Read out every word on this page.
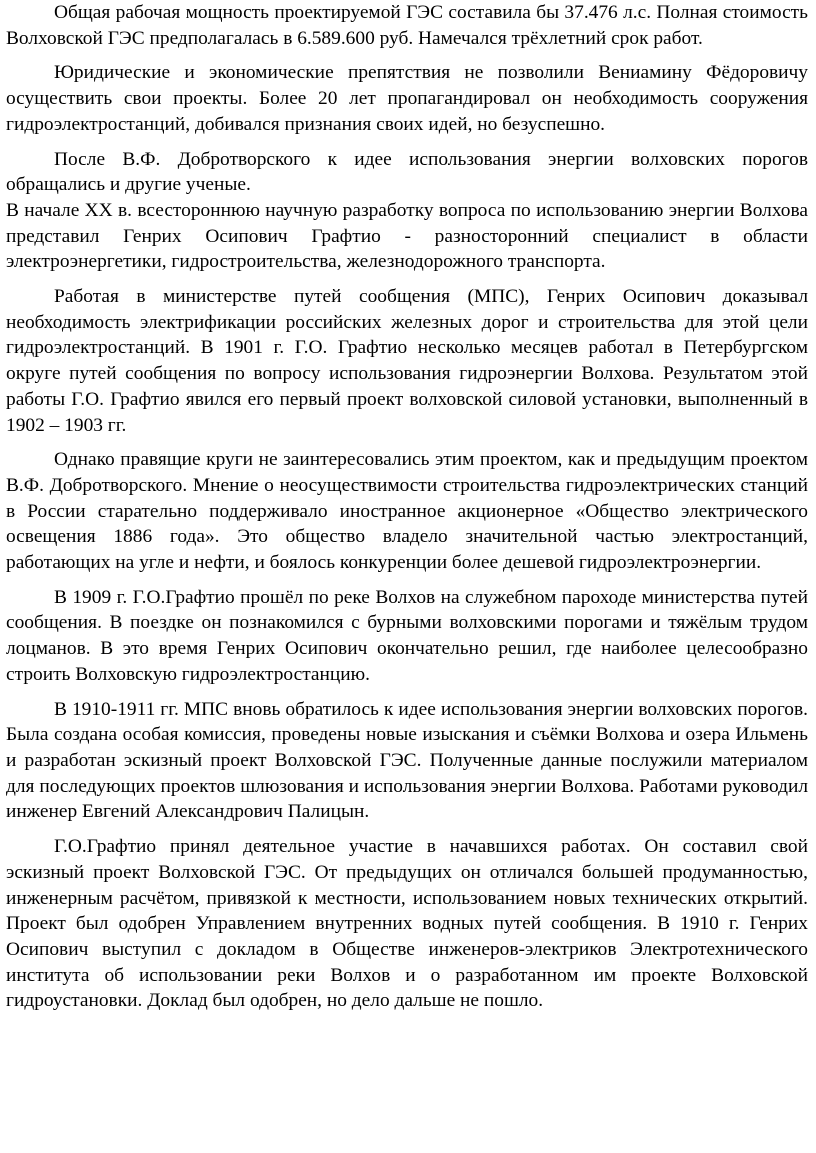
Общая рабочая мощность проектируемой ГЭС составила бы 37.476 л.с. Полная стоимость Волховской ГЭС предполагалась в 6.589.600 руб. Намечался трёхлетний срок работ.

Юридические и экономические препятствия не позволили Вениамину Фёдоровичу осуществить свои проекты. Более 20 лет пропагандировал он необходимость сооружения гидроэлектростанций, добивался признания своих идей, но безуспешно.

После В.Ф. Добротворского к идее использования энергии волховских порогов обращались и другие ученые.

В начале XX в. всестороннюю научную разработку вопроса по использованию энергии Волхова представил Генрих Осипович Графтио - разносторонний специалист в области электроэнергетики, гидростроительства, железнодорожного транспорта.

Работая в министерстве путей сообщения (МПС), Генрих Осипович доказывал необходимость электрификации российских железных дорог и строительства для этой цели гидроэлектростанций. В 1901 г. Г.О. Графтио несколько месяцев работал в Петербургском округе путей сообщения по вопросу использования гидроэнергии Волхова. Результатом этой работы Г.О. Графтио явился его первый проект волховской силовой установки, выполненный в 1902 – 1903 гг.

Однако правящие круги не заинтересовались этим проектом, как и предыдущим проектом В.Ф. Добротворского. Мнение о неосуществимости строительства гидроэлектрических станций в России старательно поддерживало иностранное акционерное «Общество электрического освещения 1886 года». Это общество владело значительной частью электростанций, работающих на угле и нефти, и боялось конкуренции более дешевой гидроэлектроэнергии.

В 1909 г. Г.О.Графтио прошёл по реке Волхов на служебном пароходе министерства путей сообщения. В поездке он познакомился с бурными волховскими порогами и тяжёлым трудом лоцманов. В это время Генрих Осипович окончательно решил, где наиболее целесообразно строить Волховскую гидроэлектростанцию.

В 1910-1911 гг. МПС вновь обратилось к идее использования энергии волховских порогов. Была создана особая комиссия, проведены новые изыскания и съёмки Волхова и озера Ильмень и разработан эскизный проект Волховской ГЭС. Полученные данные послужили материалом для последующих проектов шлюзования и использования энергии Волхова. Работами руководил инженер Евгений Александрович Палицын.

Г.О.Графтио принял деятельное участие в начавшихся работах. Он составил свой эскизный проект Волховской ГЭС. От предыдущих он отличался большей продуманностью, инженерным расчётом, привязкой к местности, использованием новых технических открытий. Проект был одобрен Управлением внутренних водных путей сообщения. В 1910 г. Генрих Осипович выступил с докладом в Обществе инженеров-электриков Электротехнического института об использовании реки Волхов и о разработанном им проекте Волховской гидроустановки. Доклад был одобрен, но дело дальше не пошло.
